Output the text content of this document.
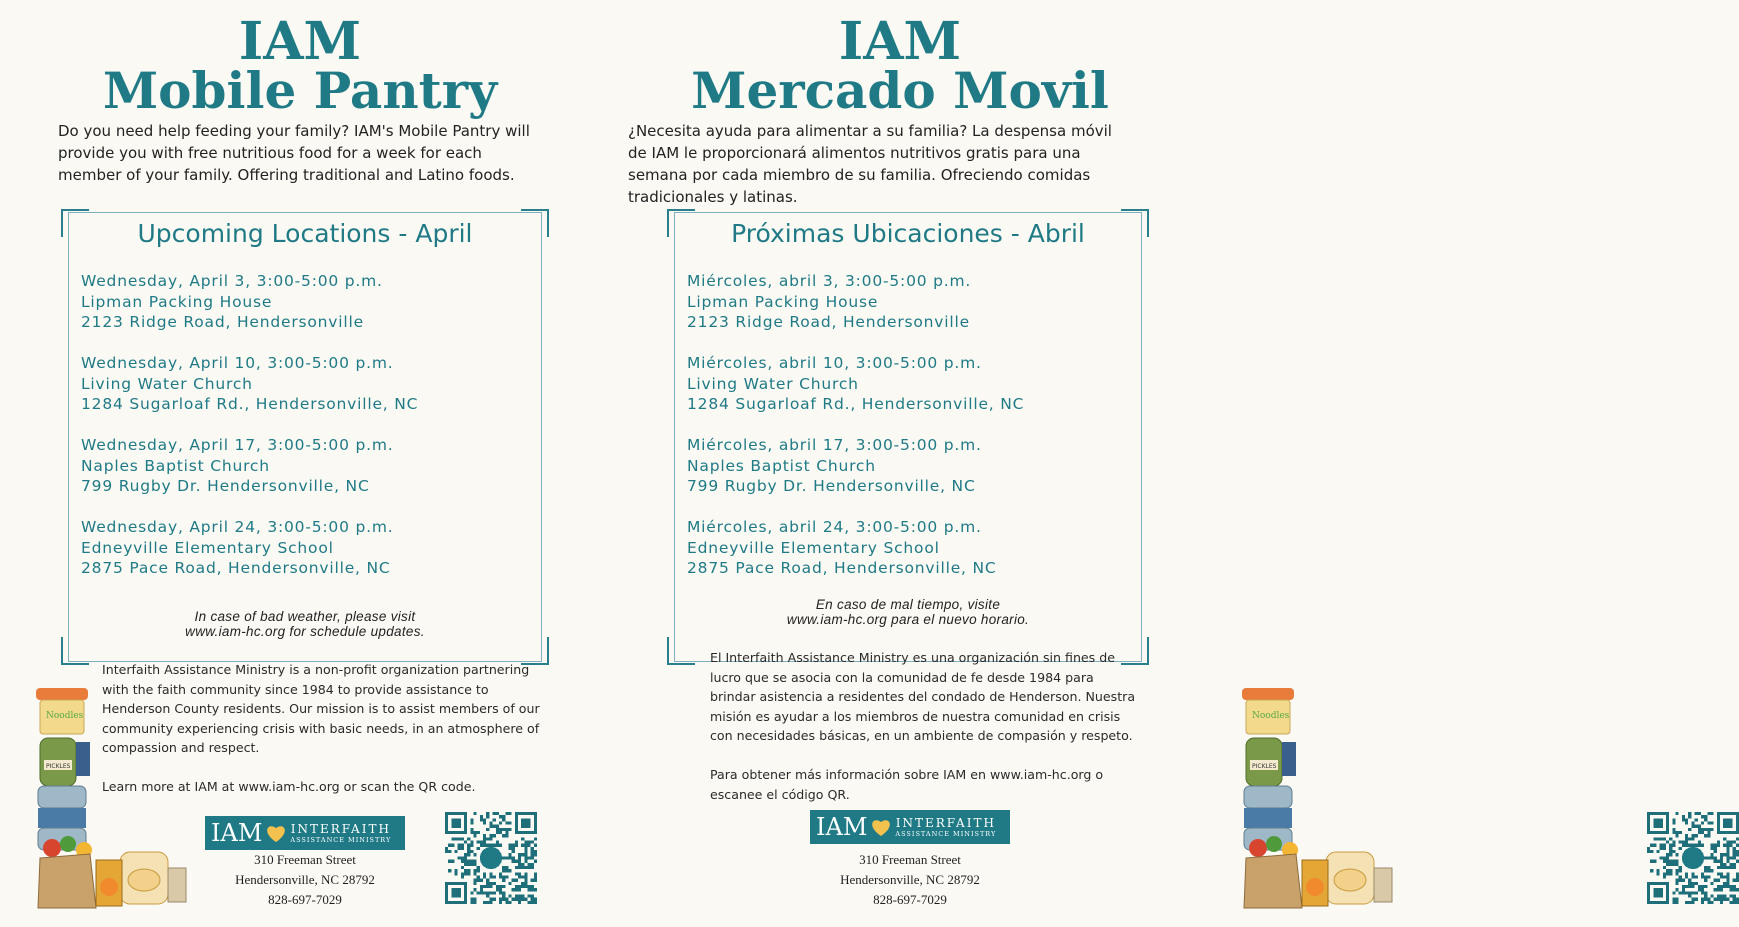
IAM
Mobile Pantry
Do you need help feeding your family? IAM's Mobile Pantry will provide you with free nutritious food for a week for each member of your family. Offering traditional and Latino foods.
Upcoming Locations - April
Wednesday, April 3, 3:00-5:00 p.m.
Lipman Packing House
2123 Ridge Road, Hendersonville
Wednesday, April 10, 3:00-5:00 p.m.
Living Water Church
1284 Sugarloaf Rd., Hendersonville, NC
Wednesday, April 17, 3:00-5:00 p.m.
Naples Baptist Church
799 Rugby Dr. Hendersonville, NC
Wednesday, April 24, 3:00-5:00 p.m.
Edneyville Elementary School
2875 Pace Road, Hendersonville, NC
In case of bad weather, please visit
www.iam-hc.org for schedule updates.

Interfaith Assistance Ministry is a non-profit organization partnering with the faith community since 1984 to provide assistance to Henderson County residents. Our mission is to assist members of our community experiencing crisis with basic needs, in an atmosphere of compassion and respect.

Learn more at IAM at www.iam-hc.org or scan the QR code.

Noodles
PICKLES
IAM INTERFAITH
ASSISTANCE MINISTRY
310 Freeman Street
Hendersonville, NC 28792
828-697-7029
IAM
Mercado Movil
¿Necesita ayuda para alimentar a su familia? La despensa móvil de IAM le proporcionará alimentos nutritivos gratis para una semana por cada miembro de su familia. Ofreciendo comidas tradicionales y latinas.
Próximas Ubicaciones - Abril
Miércoles, abril 3, 3:00-5:00 p.m.
Lipman Packing House
2123 Ridge Road, Hendersonville
Miércoles, abril 10, 3:00-5:00 p.m.
Living Water Church
1284 Sugarloaf Rd., Hendersonville, NC
Miércoles, abril 17, 3:00-5:00 p.m.
Naples Baptist Church
799 Rugby Dr. Hendersonville, NC
Miércoles, abril 24, 3:00-5:00 p.m.
Edneyville Elementary School
2875 Pace Road, Hendersonville, NC
En caso de mal tiempo, visite
www.iam-hc.org para el nuevo horario.

El Interfaith Assistance Ministry es una organización sin fines de lucro que se asocia con la comunidad de fe desde 1984 para brindar asistencia a residentes del condado de Henderson. Nuestra misión es ayudar a los miembros de nuestra comunidad en crisis con necesidades básicas, en un ambiente de compasión y respeto.

Para obtener más información sobre IAM en www.iam-hc.org o escanee el código QR.

Noodles
PICKLES
IAM INTERFAITH
ASSISTANCE MINISTRY
310 Freeman Street
Hendersonville, NC 28792
828-697-7029
